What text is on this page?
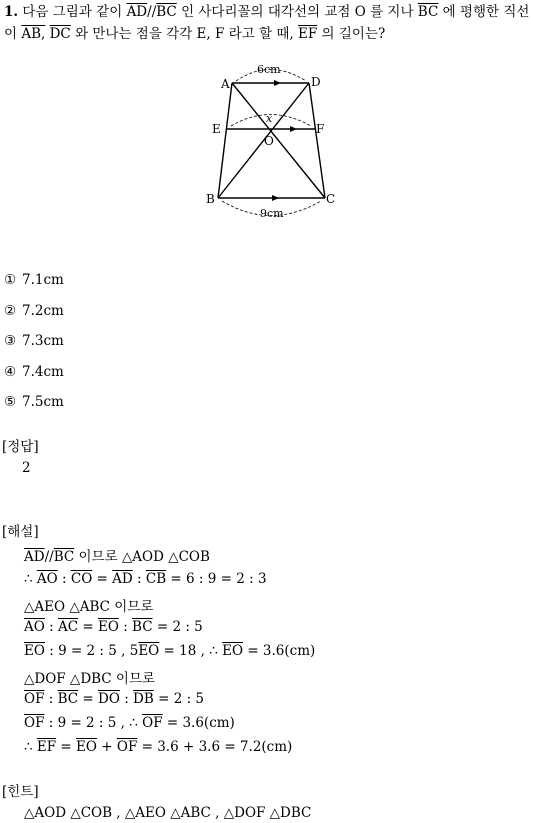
1. 다음 그림과 같이 $\overline{AD}//\overline{BC}$ 인 사다리꼴의 대각선의 교점 O 를 지나 $\overline{BC}$ 에 평행한 직선이 AB, $\overline{DC}$ 와 만나는 점을 각각 E, F 라고 할 때, $\overline{EF}$ 의 길이는?
A	D
E	F
O
x
B	C
6cm
9cm
① 7.1cm
② 7.2cm
③ 7.3cm
④ 7.4cm
⑤ 7.5cm
[정답]
2
[해설]
$\overline{AD}//\overline{BC}$ 이므로 △AOD △COB
∴ $\overline{AO}$ : $\overline{CO} = \overline{AD}$ : $\overline{CB} = 6$ : 9 = 2 : 3
△AEO △ABC 이므로
$\overline{AO}$ : $\overline{AC} = \overline{EO}$ : $\overline{BC} = 2$ : 5
$\overline{EO}$ : 9 = 2 : 5 , $5\overline{EO} = 18$ , ∴ $\overline{EO} = 3.6(cm)$
△DOF △DBC 이므로
$\overline{OF}$ : $\overline{BC} = \overline{DO}$ : $\overline{DB} = 2$ : 5
$\overline{OF}$ : 9 = 2 : 5 , ∴ $\overline{OF} = 3.6(cm)$
∴ $\overline{EF} = \overline{EO} + \overline{OF} = 3.6 + 3.6 = 7.2(cm)$
[힌트]
△AOD △COB , △AEO △ABC , △DOF △DBC
